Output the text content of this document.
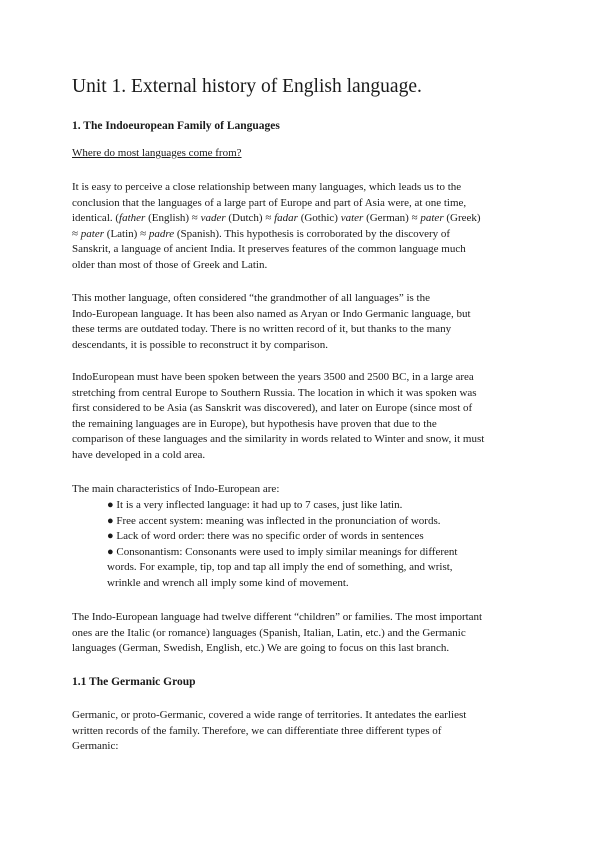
Unit 1. External history of English language.
1. The Indoeuropean Family of Languages

Where do most languages come from?

It is easy to perceive a close relationship between many languages, which leads us to the
conclusion that the languages of a large part of Europe and part of Asia were, at one time,
identical. (father (English) ≈ vader (Dutch) ≈ fadar (Gothic) vater (German) ≈ pater (Greek)
≈ pater (Latin) ≈ padre (Spanish). This hypothesis is corroborated by the discovery of
Sanskrit, a language of ancient India. It preserves features of the common language much
older than most of those of Greek and Latin.

This mother language, often considered “the grandmother of all languages” is the
Indo-European language. It has been also named as Aryan or Indo Germanic language, but
these terms are outdated today. There is no written record of it, but thanks to the many
descendants, it is possible to reconstruct it by comparison.

IndoEuropean must have been spoken between the years 3500 and 2500 BC, in a large area
stretching from central Europe to Southern Russia. The location in which it was spoken was
first considered to be Asia (as Sanskrit was discovered), and later on Europe (since most of
the remaining languages are in Europe), but hypothesis have proven that due to the
comparison of these languages and the similarity in words related to Winter and snow, it must
have developed in a cold area.

The main characteristics of Indo-European are:

● It is a very inflected language: it had up to 7 cases, just like latin.
● Free accent system: meaning was inflected in the pronunciation of words.
● Lack of word order: there was no specific order of words in sentences
● Consonantism: Consonants were used to imply similar meanings for different
words. For example, tip, top and tap all imply the end of something, and wrist,
wrinkle and wrench all imply some kind of movement.

The Indo-European language had twelve different “children” or families. The most important
ones are the Italic (or romance) languages (Spanish, Italian, Latin, etc.) and the Germanic
languages (German, Swedish, English, etc.) We are going to focus on this last branch.

1.1 The Germanic Group

Germanic, or proto-Germanic, covered a wide range of territories. It antedates the earliest
written records of the family. Therefore, we can differentiate three different types of
Germanic:
